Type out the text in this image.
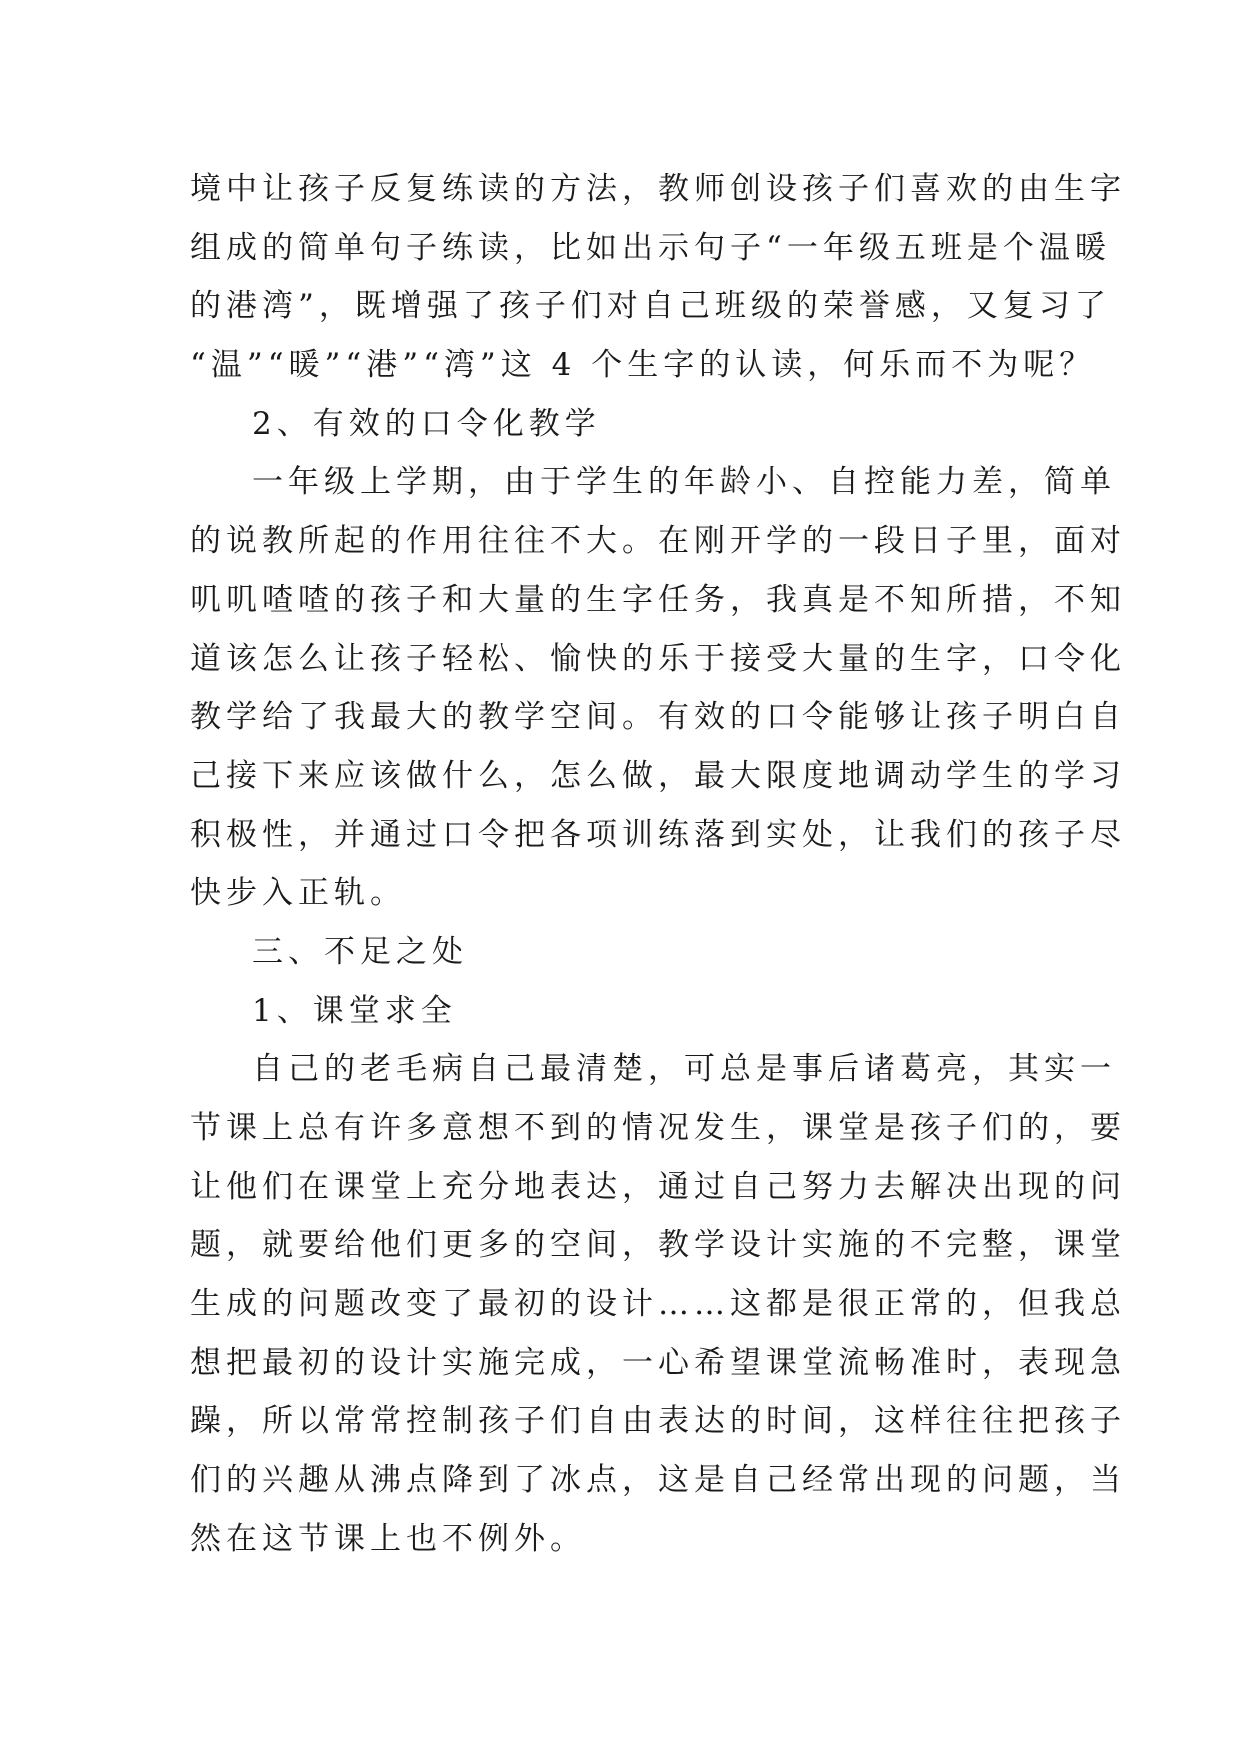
境中让孩子反复练读的方法，教师创设孩子们喜欢的由生字
组成的简单句子练读，比如出示句子“一年级五班是个温暖
的港湾”，既增强了孩子们对自己班级的荣誉感，又复习了
“温”“暖”“港”“湾”这 4 个生字的认读，何乐而不为呢？
2、有效的口令化教学
一年级上学期，由于学生的年龄小、自控能力差，简单
的说教所起的作用往往不大。在刚开学的一段日子里，面对
叽叽喳喳的孩子和大量的生字任务，我真是不知所措，不知
道该怎么让孩子轻松、愉快的乐于接受大量的生字，口令化
教学给了我最大的教学空间。有效的口令能够让孩子明白自
己接下来应该做什么，怎么做，最大限度地调动学生的学习
积极性，并通过口令把各项训练落到实处，让我们的孩子尽
快步入正轨。
三、不足之处
1、课堂求全
自己的老毛病自己最清楚，可总是事后诸葛亮，其实一
节课上总有许多意想不到的情况发生，课堂是孩子们的，要
让他们在课堂上充分地表达，通过自己努力去解决出现的问
题，就要给他们更多的空间，教学设计实施的不完整，课堂
生成的问题改变了最初的设计……这都是很正常的，但我总
想把最初的设计实施完成，一心希望课堂流畅准时，表现急
躁，所以常常控制孩子们自由表达的时间，这样往往把孩子
们的兴趣从沸点降到了冰点，这是自己经常出现的问题，当
然在这节课上也不例外。
